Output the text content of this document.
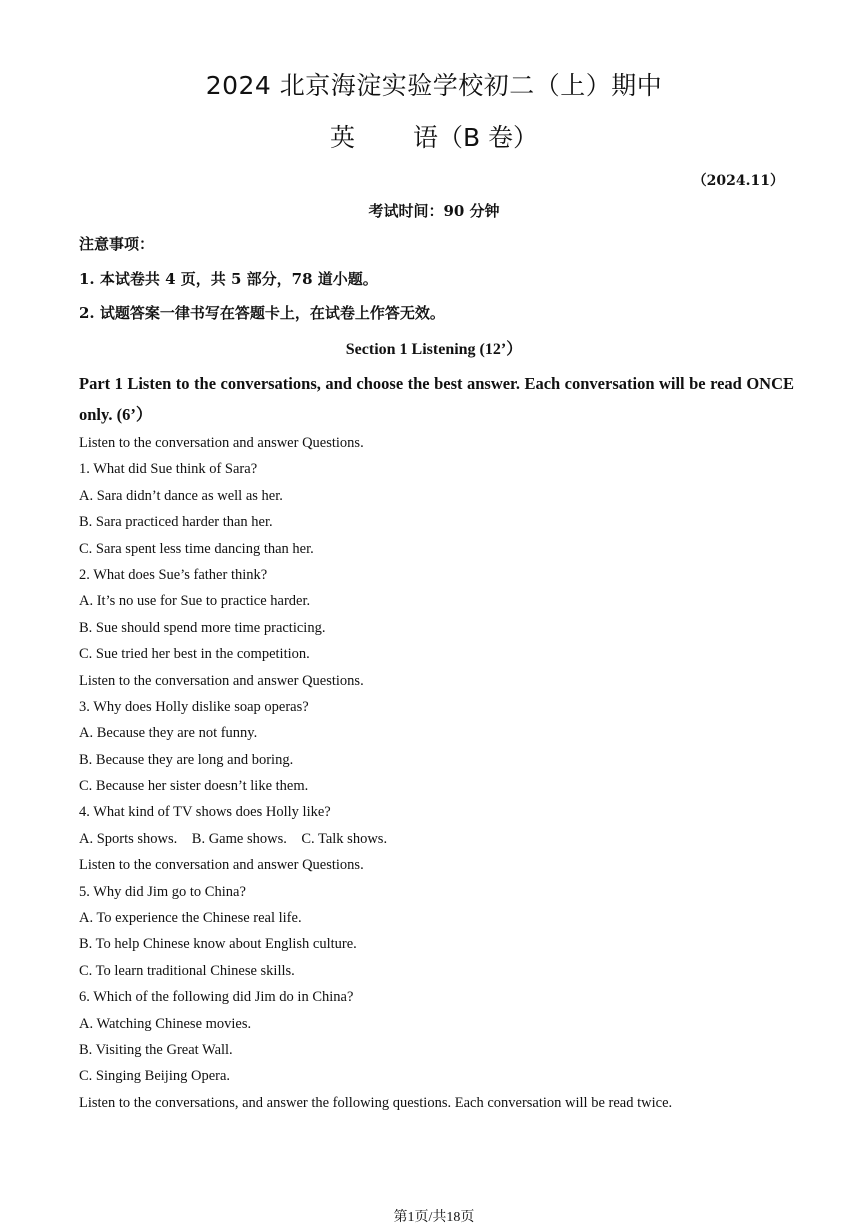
2024 北京海淀实验学校初二（上）期中
英 语（B 卷）
（2024.11）
考试时间：90 分钟
注意事项：
1. 本试卷共 4 页，共 5 部分，78 道小题。
2. 试题答案一律书写在答题卡上，在试卷上作答无效。
Section 1 Listening (12’）
Part 1 Listen to the conversations, and choose the best answer. Each conversation will be read ONCE only. (6’）
Listen to the conversation and answer Questions.
1. What did Sue think of Sara?
A. Sara didn’t dance as well as her.
B. Sara practiced harder than her.
C. Sara spent less time dancing than her.
2. What does Sue’s father think?
A. It’s no use for Sue to practice harder.
B. Sue should spend more time practicing.
C. Sue tried her best in the competition.
Listen to the conversation and answer Questions.
3. Why does Holly dislike soap operas?
A. Because they are not funny.
B. Because they are long and boring.
C. Because her sister doesn’t like them.
4. What kind of TV shows does Holly like?
A. Sports shows.    B. Game shows.    C. Talk shows.
Listen to the conversation and answer Questions.
5. Why did Jim go to China?
A. To experience the Chinese real life.
B. To help Chinese know about English culture.
C. To learn traditional Chinese skills.
6. Which of the following did Jim do in China?
A. Watching Chinese movies.
B. Visiting the Great Wall.
C. Singing Beijing Opera.
Listen to the conversations, and answer the following questions. Each conversation will be read twice.
第1页/共18页
